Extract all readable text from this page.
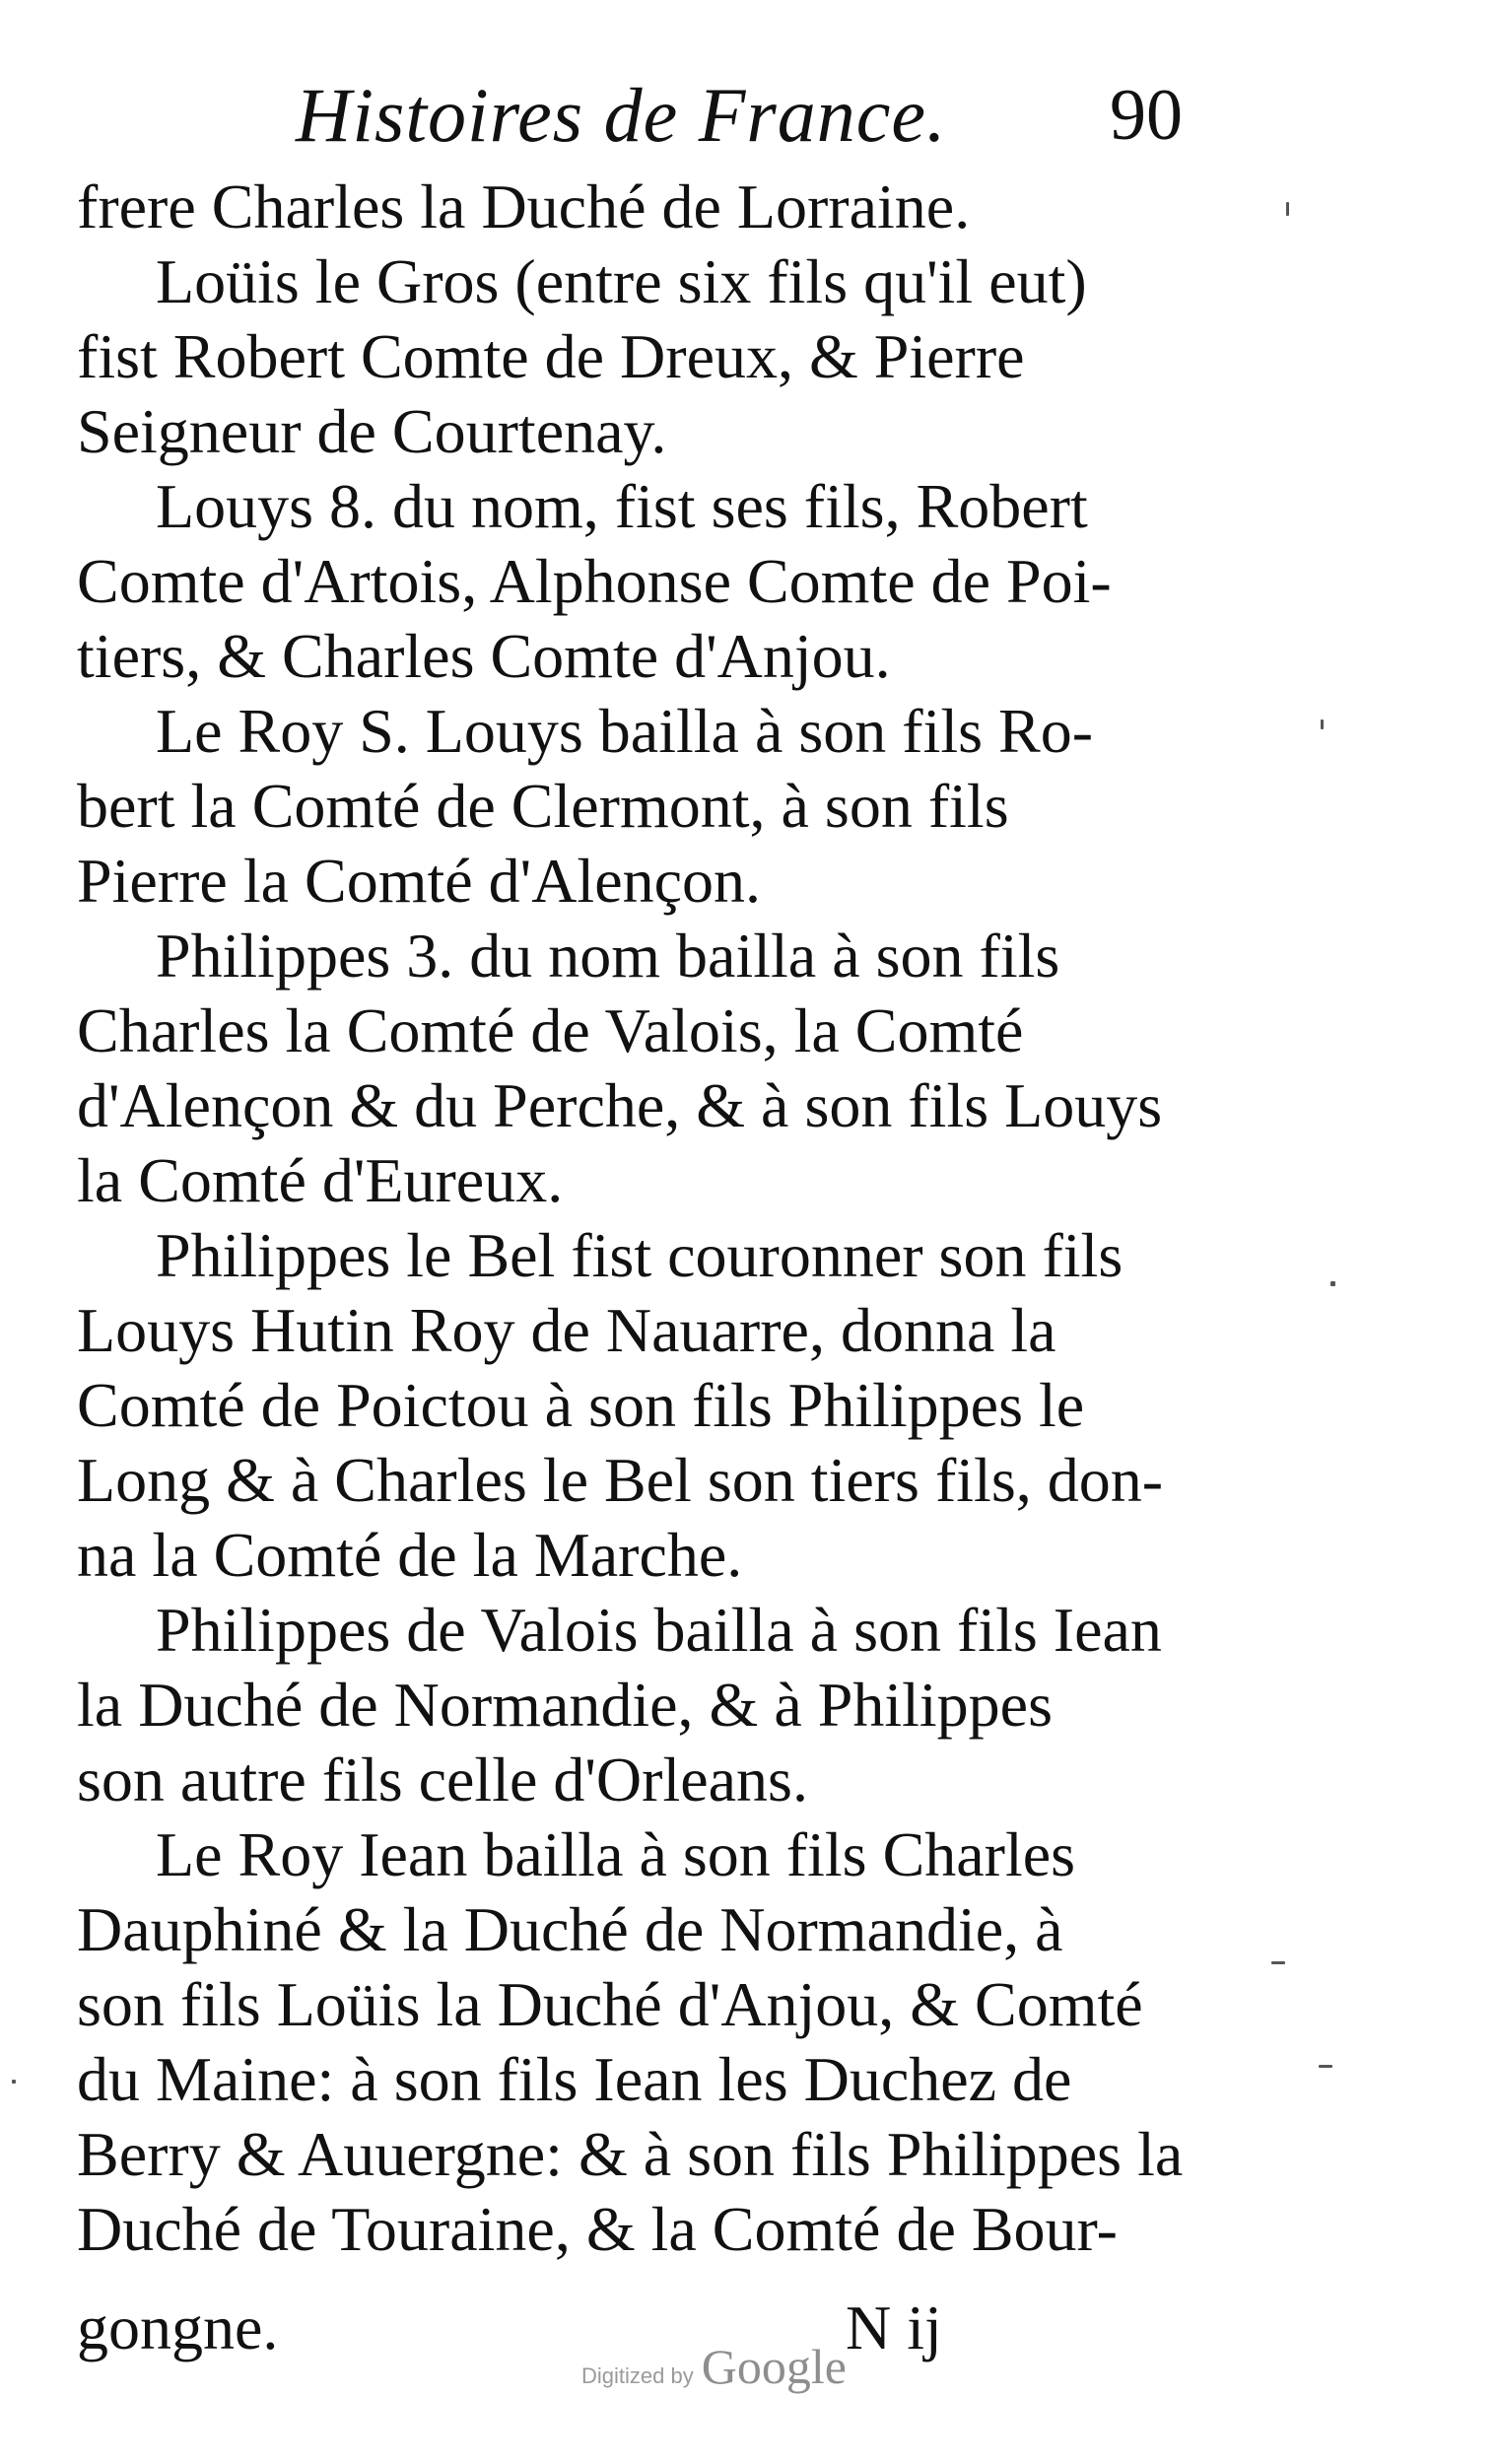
Histoires de France. 90
frere Charles la Duché de Lorraine.
Loüis le Gros (entre six fils qu'il eut)
fist Robert Comte de Dreux, & Pierre
Seigneur de Courtenay.
Louys 8. du nom, fist ses fils, Robert
Comte d'Artois, Alphonse Comte de Poi-
tiers, & Charles Comte d'Anjou.
Le Roy S. Louys bailla à son fils Ro-
bert la Comté de Clermont, à son fils
Pierre la Comté d'Alençon.
Philippes 3. du nom bailla à son fils
Charles la Comté de Valois, la Comté
d'Alençon & du Perche, & à son fils Louys
la Comté d'Eureux.
Philippes le Bel fist couronner son fils
Louys Hutin Roy de Nauarre, donna la
Comté de Poictou à son fils Philippes le
Long & à Charles le Bel son tiers fils, don-
na la Comté de la Marche.
Philippes de Valois bailla à son fils Iean
la Duché de Normandie, & à Philippes
son autre fils celle d'Orleans.
Le Roy Iean bailla à son fils Charles
Dauphiné & la Duché de Normandie, à
son fils Loüis la Duché d'Anjou, & Comté
du Maine: à son fils Iean les Duchez de
Berry & Auuergne: & à son fils Philippes la
Duché de Touraine, & la Comté de Bour-
gongne.	N ij
Digitized by Google
